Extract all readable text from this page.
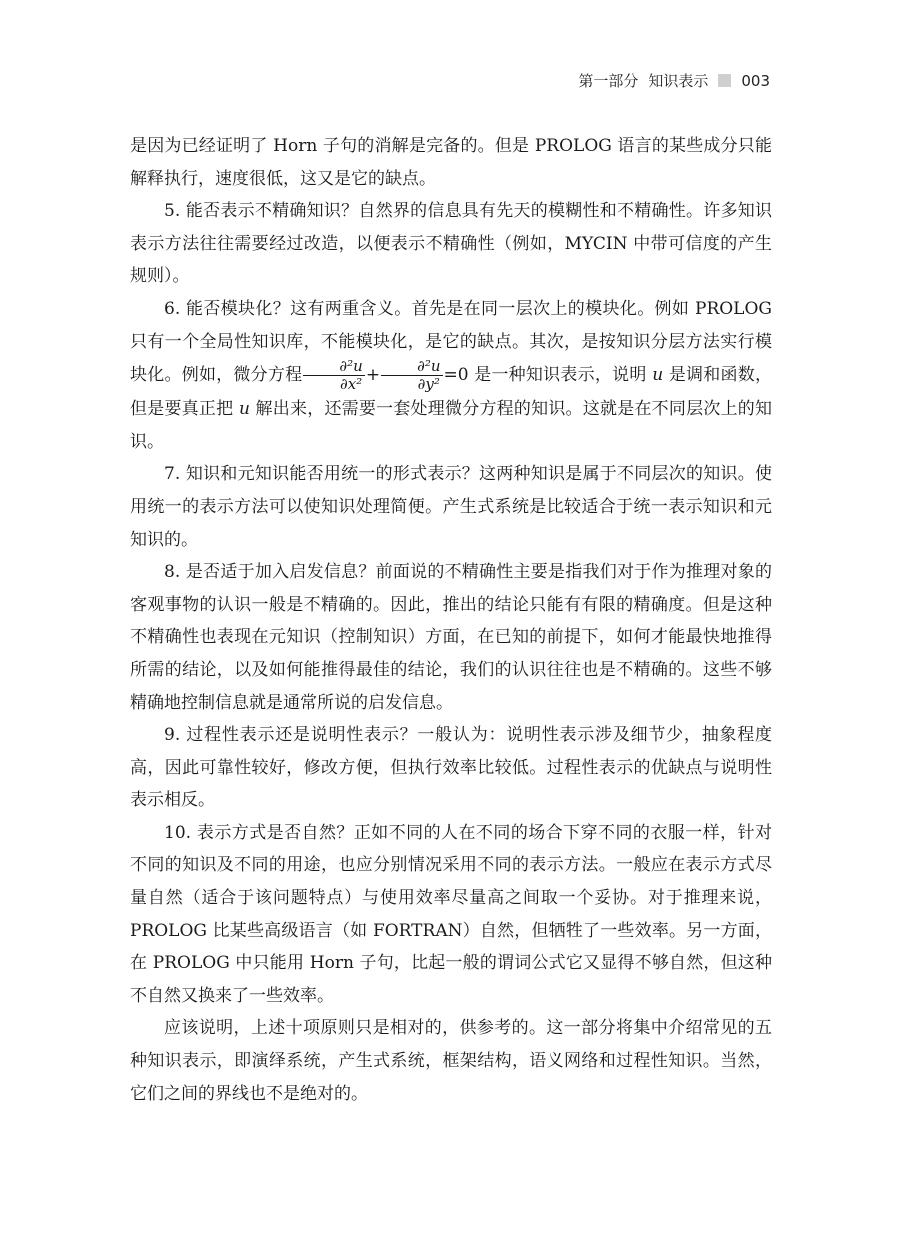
第一部分 知识表示 003

是因为已经证明了 Horn 子句的消解是完备的。但是 PROLOG 语言的某些成分只能解释执行，速度很低，这又是它的缺点。

5. 能否表示不精确知识？自然界的信息具有先天的模糊性和不精确性。许多知识表示方法往往需要经过改造，以便表示不精确性（例如，MYCIN 中带可信度的产生规则）。

6. 能否模块化？这有两重含义。首先是在同一层次上的模块化。例如 PROLOG 只有一个全局性知识库，不能模块化，是它的缺点。其次，是按知识分层方法实行模块化。例如，微分方程 $\frac{\text{∂²u}}{\text{∂x²}} + \frac{\text{∂²u}}{\text{∂y²}} =0$ 是一种知识表示，说明 u 是调和函数，但是要真正把 u 解出来，还需要一套处理微分方程的知识。这就是在不同层次上的知识。

7. 知识和元知识能否用统一的形式表示？这两种知识是属于不同层次的知识。使用统一的表示方法可以使知识处理简便。产生式系统是比较适合于统一表示知识和元知识的。

8. 是否适于加入启发信息？前面说的不精确性主要是指我们对于作为推理对象的客观事物的认识一般是不精确的。因此，推出的结论只能有有限的精确度。但是这种不精确性也表现在元知识（控制知识）方面，在已知的前提下，如何才能最快地推得所需的结论，以及如何能推得最佳的结论，我们的认识往往也是不精确的。这些不够精确地控制信息就是通常所说的启发信息。

9. 过程性表示还是说明性表示？一般认为：说明性表示涉及细节少，抽象程度高，因此可靠性较好，修改方便，但执行效率比较低。过程性表示的优缺点与说明性表示相反。

10. 表示方式是否自然？正如不同的人在不同的场合下穿不同的衣服一样，针对不同的知识及不同的用途，也应分别情况采用不同的表示方法。一般应在表示方式尽量自然（适合于该问题特点）与使用效率尽量高之间取一个妥协。对于推理来说，PROLOG 比某些高级语言（如 FORTRAN）自然，但牺牲了一些效率。另一方面，在 PROLOG 中只能用 Horn 子句，比起一般的谓词公式它又显得不够自然，但这种不自然又换来了一些效率。

应该说明，上述十项原则只是相对的，供参考的。这一部分将集中介绍常见的五种知识表示，即演绎系统，产生式系统，框架结构，语义网络和过程性知识。当然，它们之间的界线也不是绝对的。
